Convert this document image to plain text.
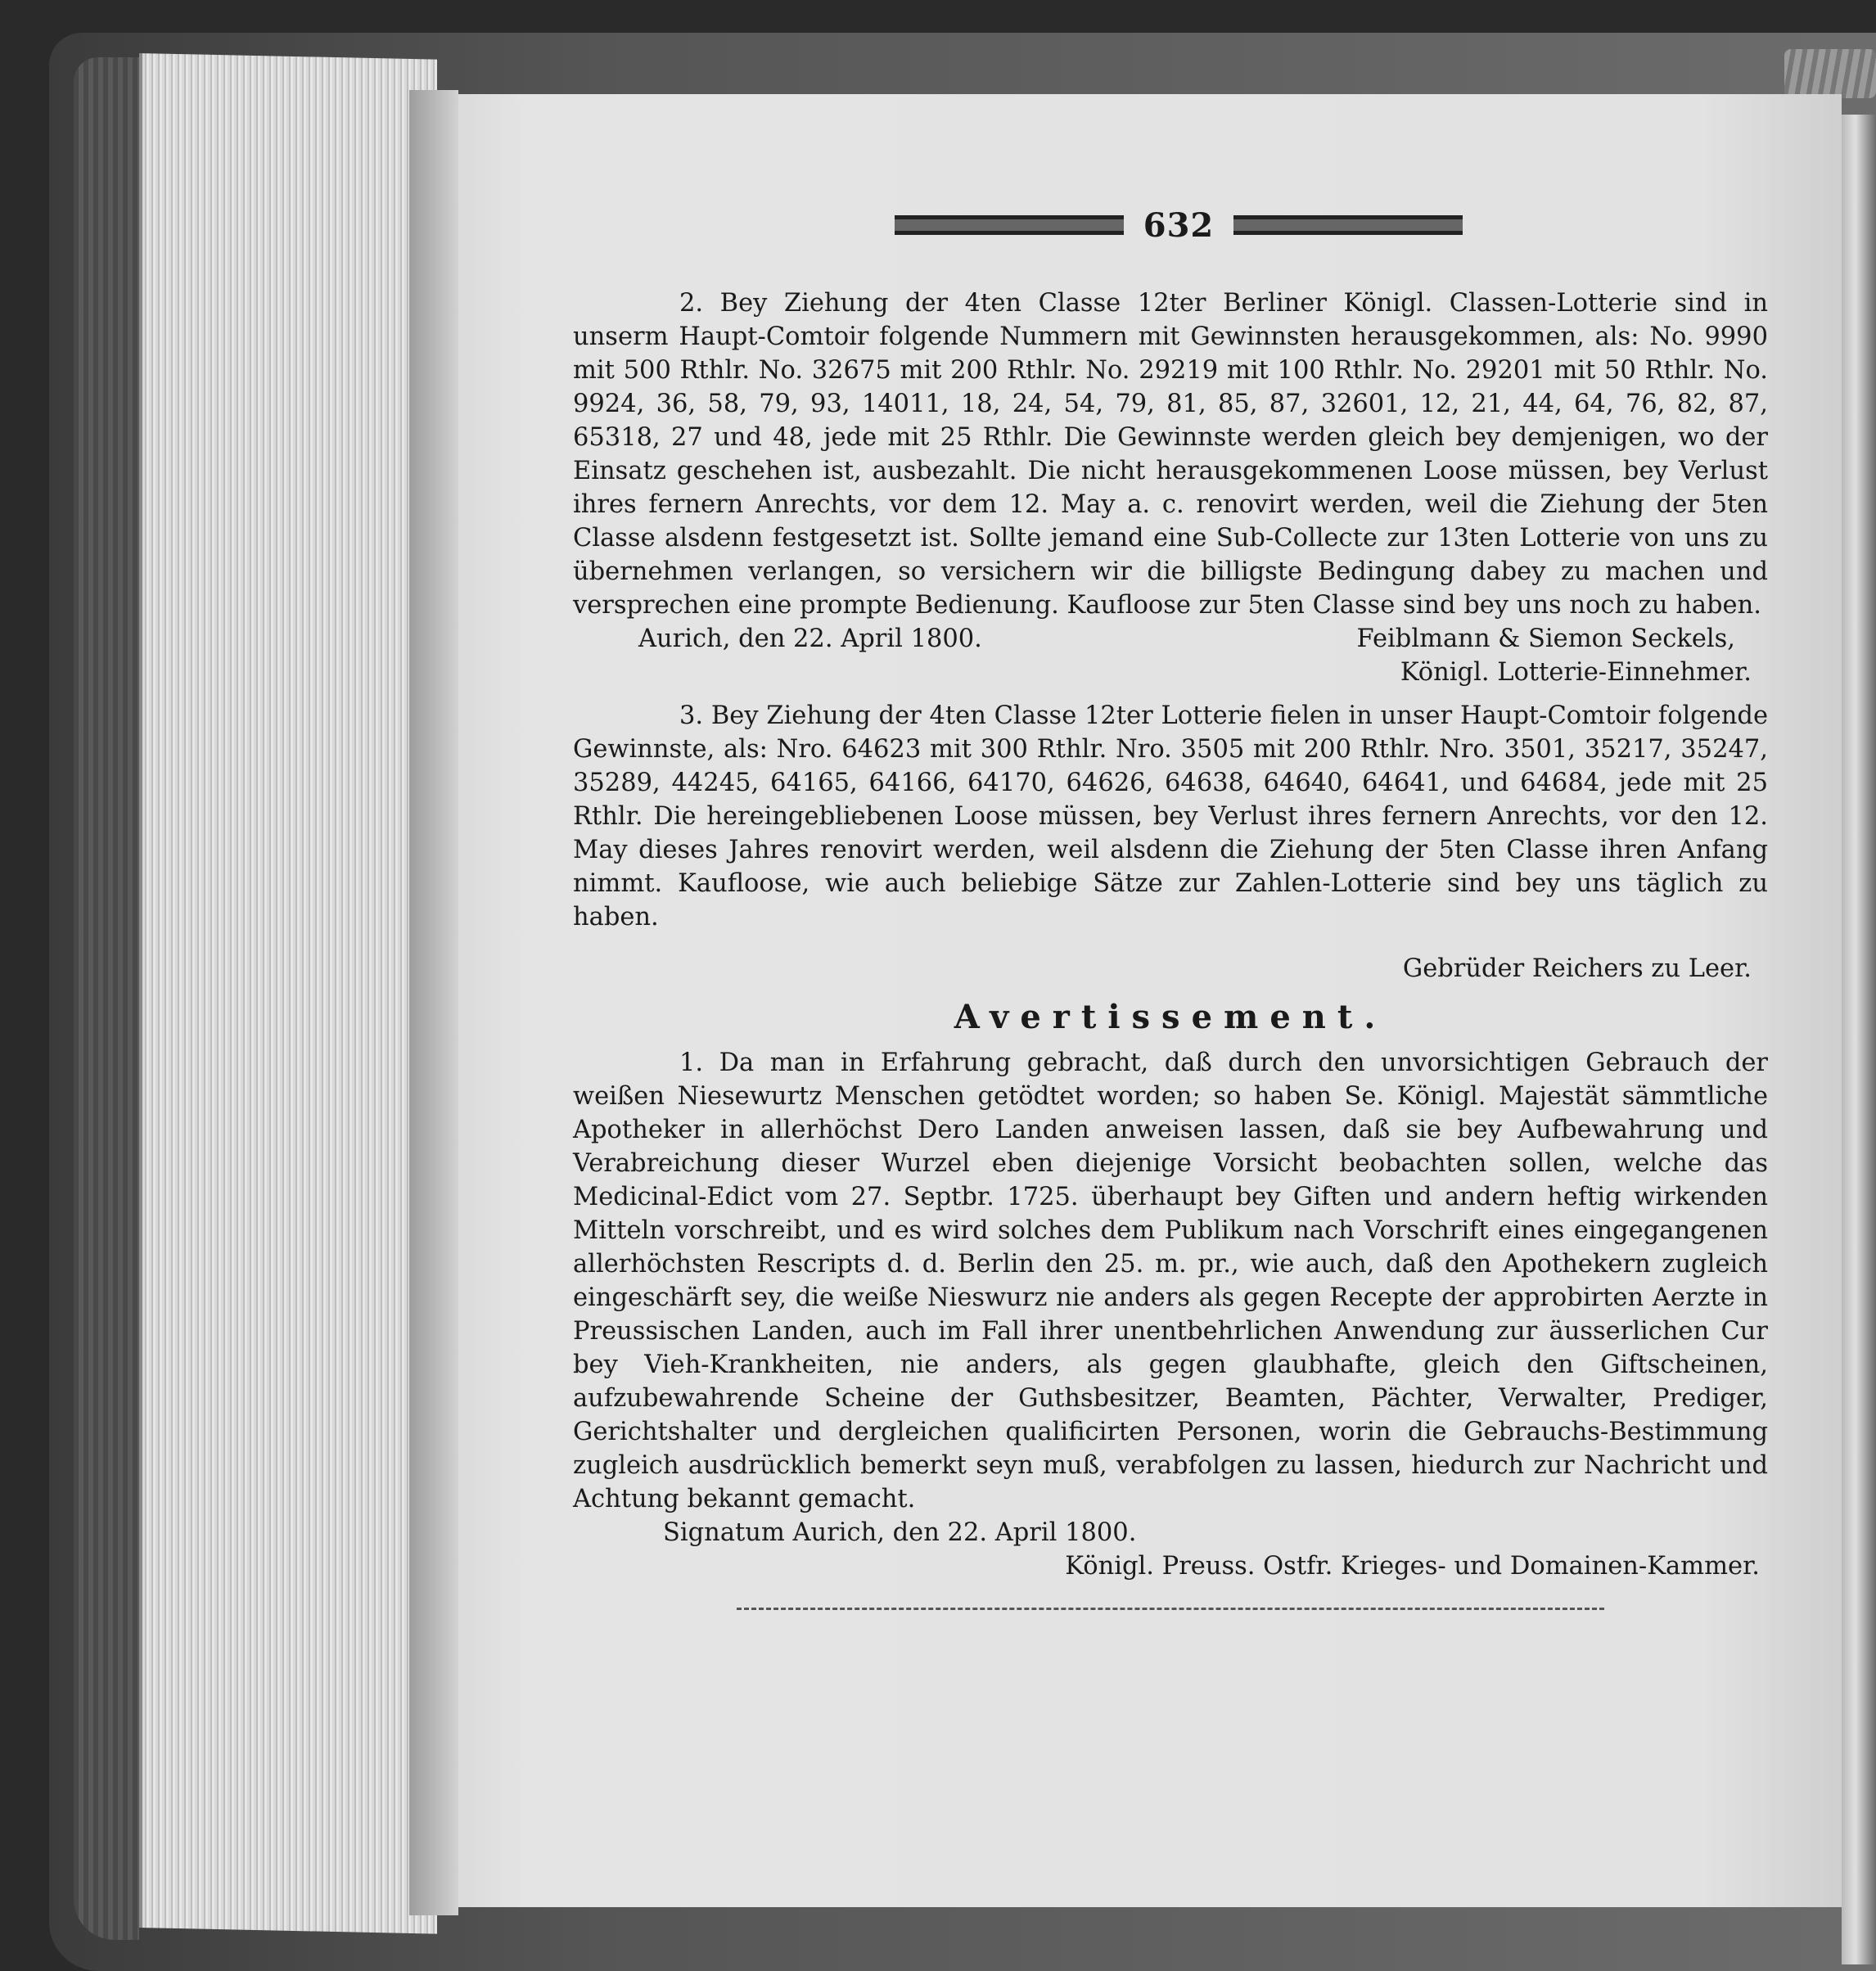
632

2. Bey Ziehung der 4ten Classe 12ter Berliner Königl. Classen-Lotterie sind in unserm Haupt-Comtoir folgende Nummern mit Gewinnsten herausgekommen, als: No. 9990 mit 500 Rthlr. No. 32675 mit 200 Rthlr. No. 29219 mit 100 Rthlr. No. 29201 mit 50 Rthlr. No. 9924, 36, 58, 79, 93, 14011, 18, 24, 54, 79, 81, 85, 87, 32601, 12, 21, 44, 64, 76, 82, 87, 65318, 27 und 48, jede mit 25 Rthlr. Die Gewinnste werden gleich bey demjenigen, wo der Einsatz geschehen ist, ausbezahlt. Die nicht herausgekommenen Loose müssen, bey Verlust ihres fernern Anrechts, vor dem 12. May a. c. renovirt werden, weil die Ziehung der 5ten Classe alsdenn festgesetzt ist. Sollte jemand eine Sub-Collecte zur 13ten Lotterie von uns zu übernehmen verlangen, so versichern wir die billigste Bedingung dabey zu machen und versprechen eine prompte Bedienung. Kaufloose zur 5ten Classe sind bey uns noch zu haben.

Aurich, den 22. April 1800.	Feiblmann & Siemon Seckels,
Königl. Lotterie-Einnehmer.

3. Bey Ziehung der 4ten Classe 12ter Lotterie fielen in unser Haupt-Comtoir folgende Gewinnste, als: Nro. 64623 mit 300 Rthlr. Nro. 3505 mit 200 Rthlr. Nro. 3501, 35217, 35247, 35289, 44245, 64165, 64166, 64170, 64626, 64638, 64640, 64641, und 64684, jede mit 25 Rthlr. Die hereingebliebenen Loose müssen, bey Verlust ihres fernern Anrechts, vor den 12. May dieses Jahres renovirt werden, weil alsdenn die Ziehung der 5ten Classe ihren Anfang nimmt. Kaufloose, wie auch beliebige Sätze zur Zahlen-Lotterie sind bey uns täglich zu haben.

Gebrüder Reichers zu Leer.
Avertissement.

1. Da man in Erfahrung gebracht, daß durch den unvorsichtigen Gebrauch der weißen Niesewurtz Menschen getödtet worden; so haben Se. Königl. Majestät sämmtliche Apotheker in allerhöchst Dero Landen anweisen lassen, daß sie bey Aufbewahrung und Verabreichung dieser Wurzel eben diejenige Vorsicht beobachten sollen, welche das Medicinal-Edict vom 27. Septbr. 1725. überhaupt bey Giften und andern heftig wirkenden Mitteln vorschreibt, und es wird solches dem Publikum nach Vorschrift eines eingegangenen allerhöchsten Rescripts d. d. Berlin den 25. m. pr., wie auch, daß den Apothekern zugleich eingeschärft sey, die weiße Nieswurz nie anders als gegen Recepte der approbirten Aerzte in Preussischen Landen, auch im Fall ihrer unentbehrlichen Anwendung zur äusserlichen Cur bey Vieh-Krankheiten, nie anders, als gegen glaubhafte, gleich den Giftscheinen, aufzubewahrende Scheine der Guthsbesitzer, Beamten, Pächter, Verwalter, Prediger, Gerichtshalter und dergleichen qualificirten Personen, worin die Gebrauchs-Bestimmung zugleich ausdrücklich bemerkt seyn muß, verabfolgen zu lassen, hiedurch zur Nachricht und Achtung bekannt gemacht.

Signatum Aurich, den 22. April 1800.
Königl. Preuss. Ostfr. Krieges- und Domainen-Kammer.
